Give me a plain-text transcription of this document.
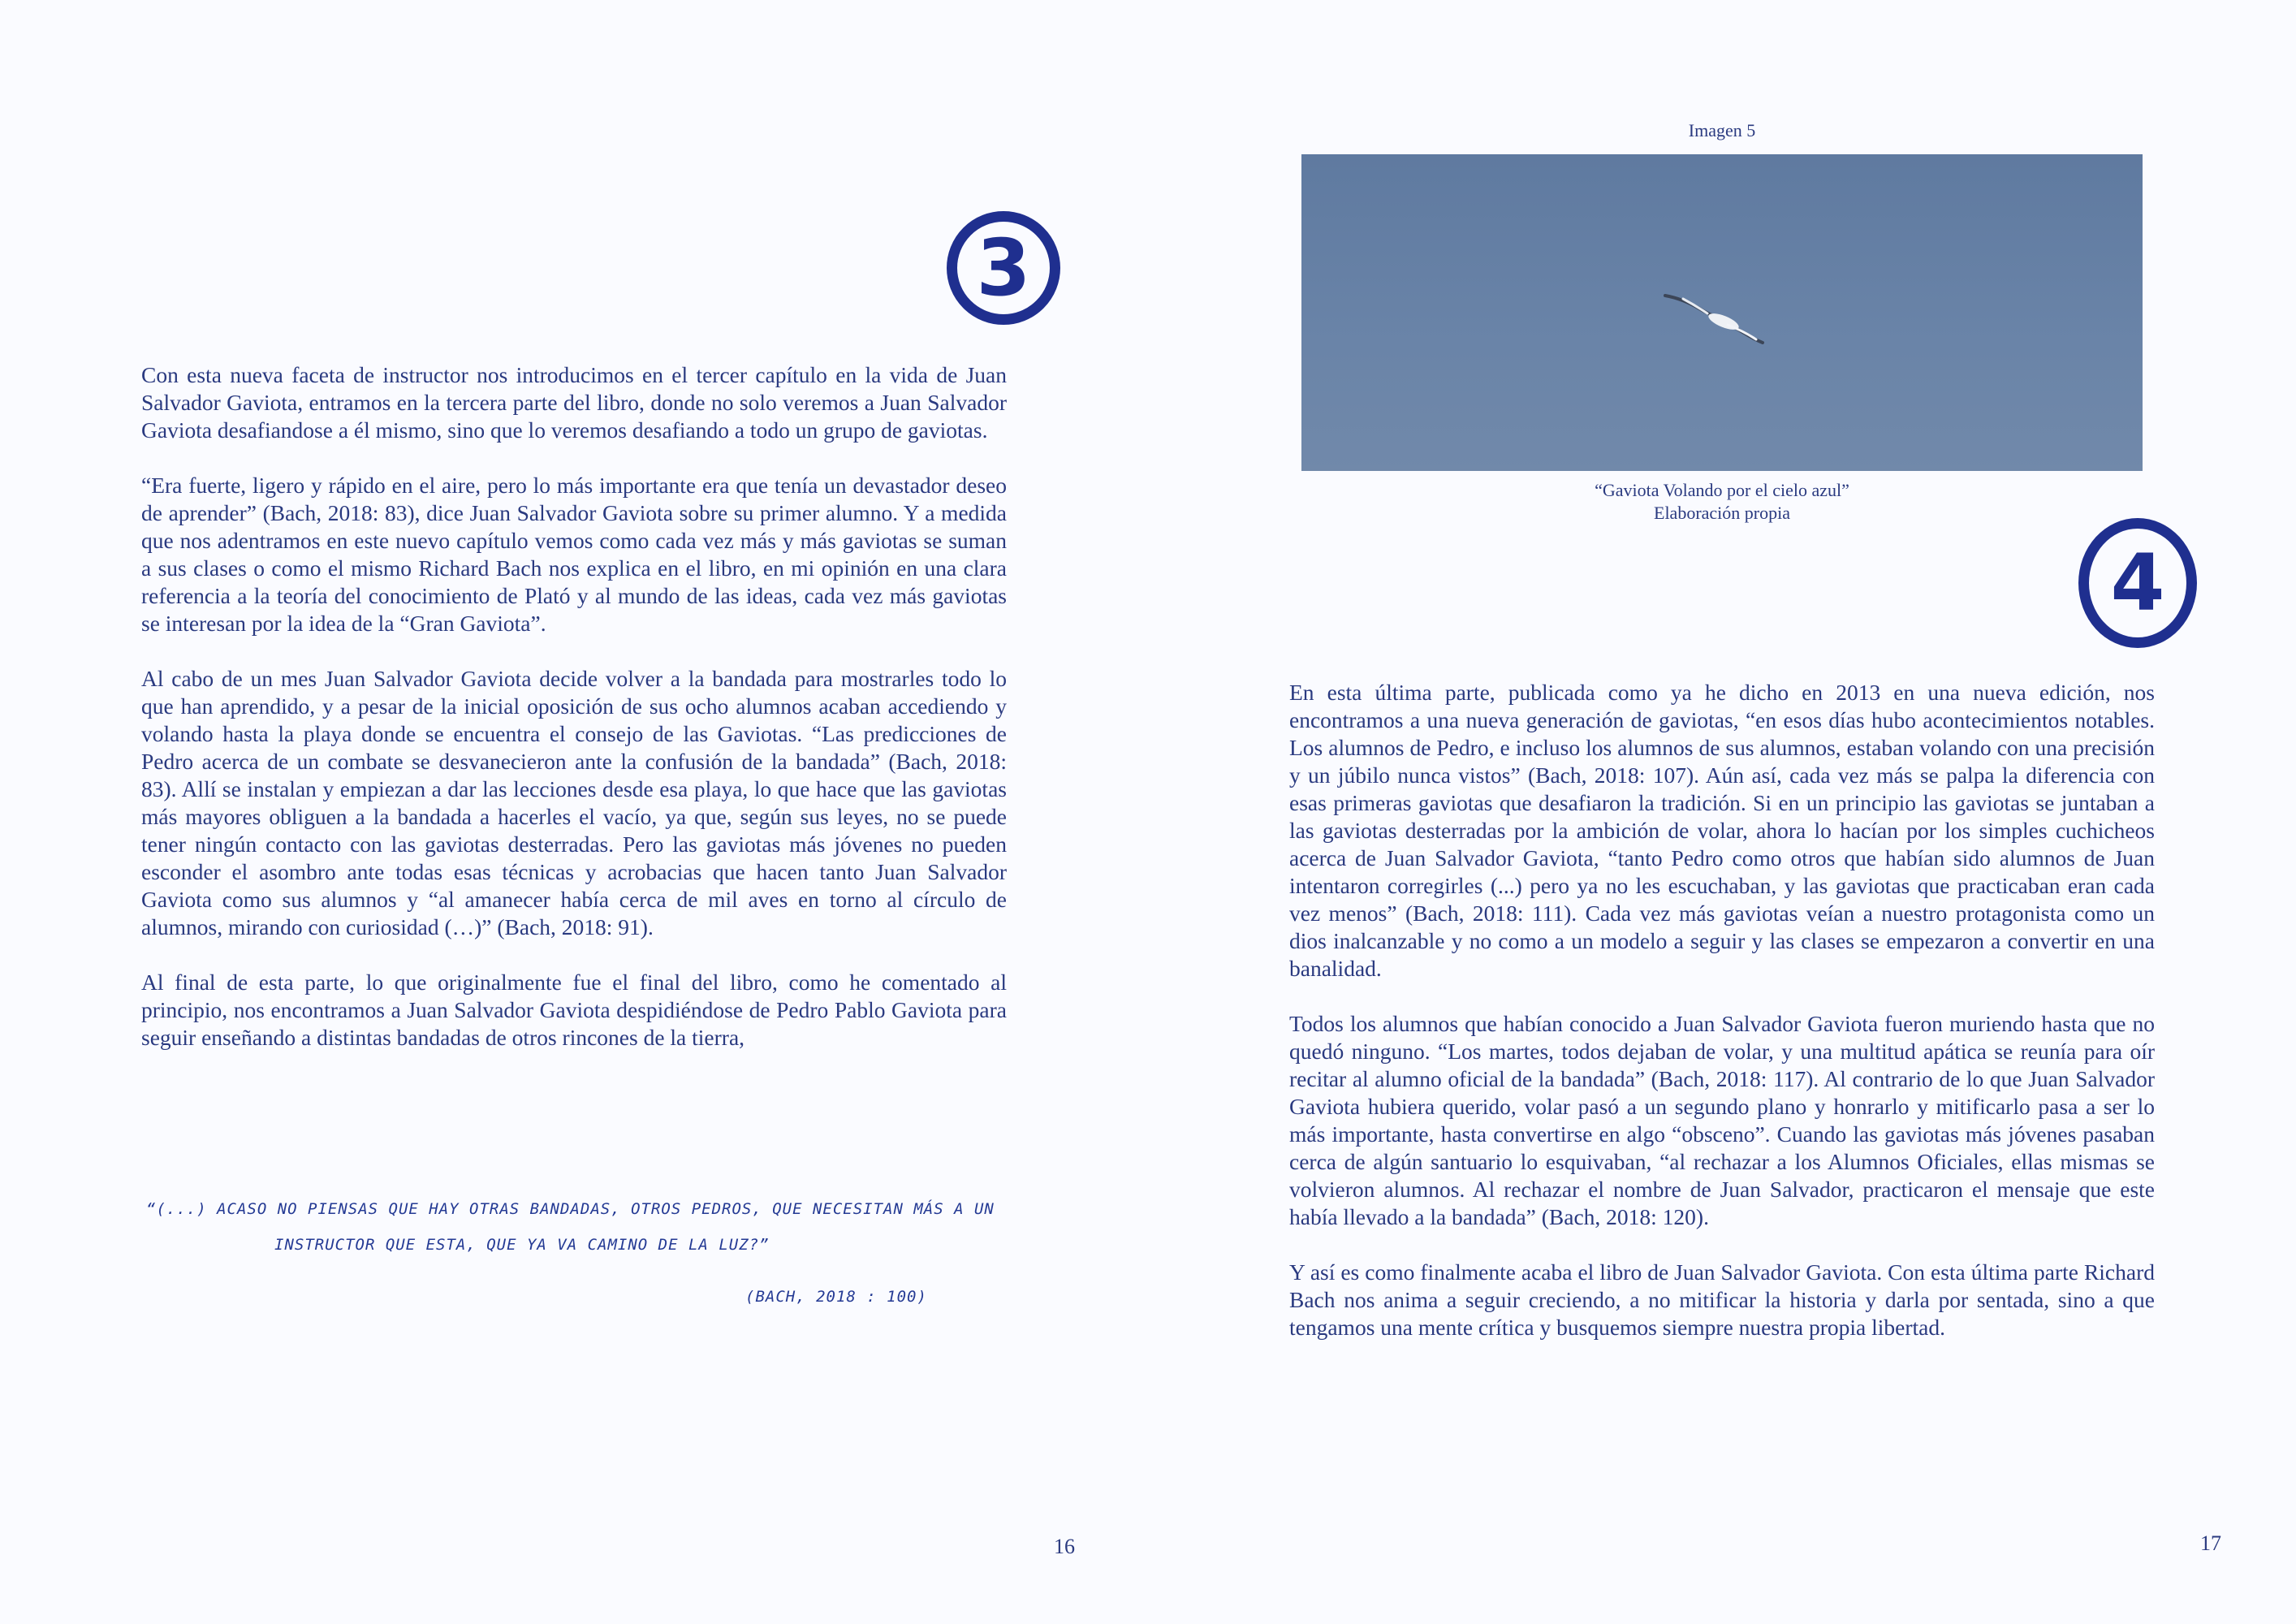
3

Con esta nueva faceta de instructor nos introducimos en el tercer capítulo en la vida de Juan Salvador Gaviota, entramos en la tercera parte del libro, donde no solo veremos a Juan Salvador Gaviota desafiandose a él mismo, sino que lo veremos desafiando a todo un grupo de gaviotas.

“Era fuerte, ligero y rápido en el aire, pero lo más importante era que tenía un devastador deseo de aprender” (Bach, 2018: 83), dice Juan Salvador Gaviota sobre su primer alumno. Y a medida que nos adentramos en este nuevo capítulo vemos como cada vez más y más gaviotas se suman a sus clases o como el mismo Richard Bach nos explica en el libro, en mi opinión en una clara referencia a la teoría del conocimiento de Plató y al mundo de las ideas, cada vez más gaviotas se interesan por la idea de la “Gran Gaviota”.

Al cabo de un mes Juan Salvador Gaviota decide volver a la bandada para mostrarles todo lo que han aprendido, y a pesar de la inicial oposición de sus ocho alumnos acaban accediendo y volando hasta la playa donde se encuentra el consejo de las Gaviotas. “Las predicciones de Pedro acerca de un combate se desvanecieron ante la confusión de la bandada” (Bach, 2018: 83). Allí se instalan y empiezan a dar las lecciones desde esa playa, lo que hace que las gaviotas más mayores obliguen a la bandada a hacerles el vacío, ya que, según sus leyes, no se puede tener ningún contacto con las gaviotas desterradas. Pero las gaviotas más jóvenes no pueden esconder el asombro ante todas esas técnicas y acrobacias que hacen tanto Juan Salvador Gaviota como sus alumnos y “al amanecer había cerca de mil aves en torno al círculo de alumnos, mirando con curiosidad (…)” (Bach, 2018: 91).

Al final de esta parte, lo que originalmente fue el final del libro, como he comentado al principio, nos encontramos a Juan Salvador Gaviota despidiéndose de Pedro Pablo Gaviota para seguir enseñando a distintas bandadas de otros rincones de la tierra,

“(...) ACASO NO PIENSAS QUE HAY OTRAS BANDADAS, OTROS PEDROS, QUE NECESITAN MÁS A UN
INSTRUCTOR QUE ESTA, QUE YA VA CAMINO DE LA LUZ?”
(BACH, 2018 : 100)
16
Imagen 5
“Gaviota Volando por el cielo azul”
Elaboración propia
4

En esta última parte, publicada como ya he dicho en 2013 en una nueva edición, nos encontramos a una nueva generación de gaviotas, “en esos días hubo acontecimientos notables. Los alumnos de Pedro, e incluso los alumnos de sus alumnos, estaban volando con una precisión y un júbilo nunca vistos” (Bach, 2018: 107). Aún así, cada vez más se palpa la diferencia con esas primeras gaviotas que desafiaron la tradición. Si en un principio las gaviotas se juntaban a las gaviotas desterradas por la ambición de volar, ahora lo hacían por los simples cuchicheos acerca de Juan Salvador Gaviota, “tanto Pedro como otros que habían sido alumnos de Juan intentaron corregirles (...) pero ya no les escuchaban, y las gaviotas que practicaban eran cada vez menos” (Bach, 2018: 111). Cada vez más gaviotas veían a nuestro protagonista como un dios inalcanzable y no como a un modelo a seguir y las clases se empezaron a convertir en una banalidad.

Todos los alumnos que habían conocido a Juan Salvador Gaviota fueron muriendo hasta que no quedó ninguno. “Los martes, todos dejaban de volar, y una multitud apática se reunía para oír recitar al alumno oficial de la bandada” (Bach, 2018: 117). Al contrario de lo que Juan Salvador Gaviota hubiera querido, volar pasó a un segundo plano y honrarlo y mitificarlo pasa a ser lo más importante, hasta convertirse en algo “obsceno”. Cuando las gaviotas más jóvenes pasaban cerca de algún santuario lo esquivaban, “al rechazar a los Alumnos Oficiales, ellas mismas se volvieron alumnos. Al rechazar el nombre de Juan Salvador, practicaron el mensaje que este había llevado a la bandada” (Bach, 2018: 120).

Y así es como finalmente acaba el libro de Juan Salvador Gaviota. Con esta última parte Richard Bach nos anima a seguir creciendo, a no mitificar la historia y darla por sentada, sino a que tengamos una mente crítica y busquemos siempre nuestra propia libertad.

17
